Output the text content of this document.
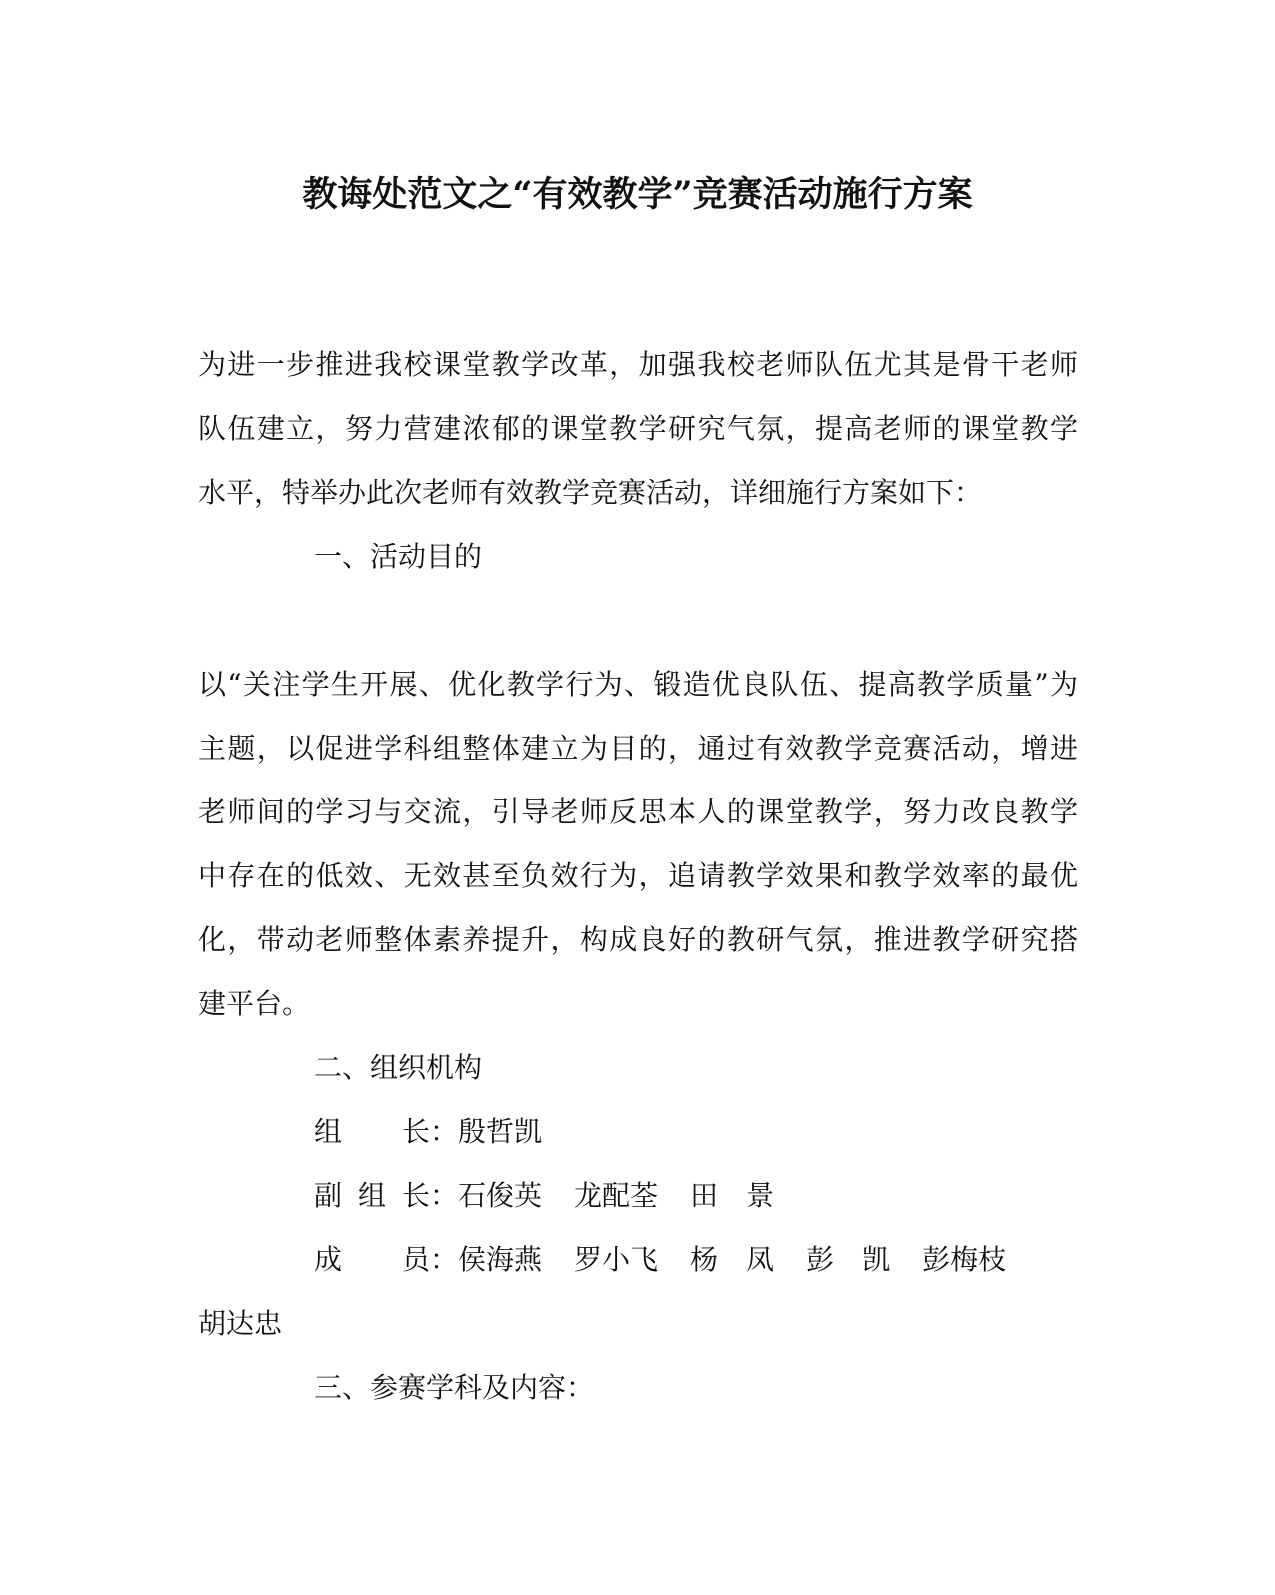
教诲处范文之“有效教学”竞赛活动施行方案
为进一步推进我校课堂教学改革，加强我校老师队伍尤其是骨干老师
队伍建立，努力营建浓郁的课堂教学研究气氛，提高老师的课堂教学
水平，特举办此次老师有效教学竞赛活动，详细施行方案如下：
一、活动目的
以“关注学生开展、优化教学行为、锻造优良队伍、提高教学质量”为
主题，以促进学科组整体建立为目的，通过有效教学竞赛活动，增进
老师间的学习与交流，引导老师反思本人的课堂教学，努力改良教学
中存在的低效、无效甚至负效行为，追请教学效果和教学效率的最优
化，带动老师整体素养提升，构成良好的教研气氛，推进教学研究搭
建平台。
二、组织机构
组长 ： 殷哲凯
副组长 ： 石俊英 龙配荃 田　景
成员 ： 侯海燕 罗小飞 杨　凤 彭　凯 彭梅枝
胡达忠
三、参赛学科及内容：
